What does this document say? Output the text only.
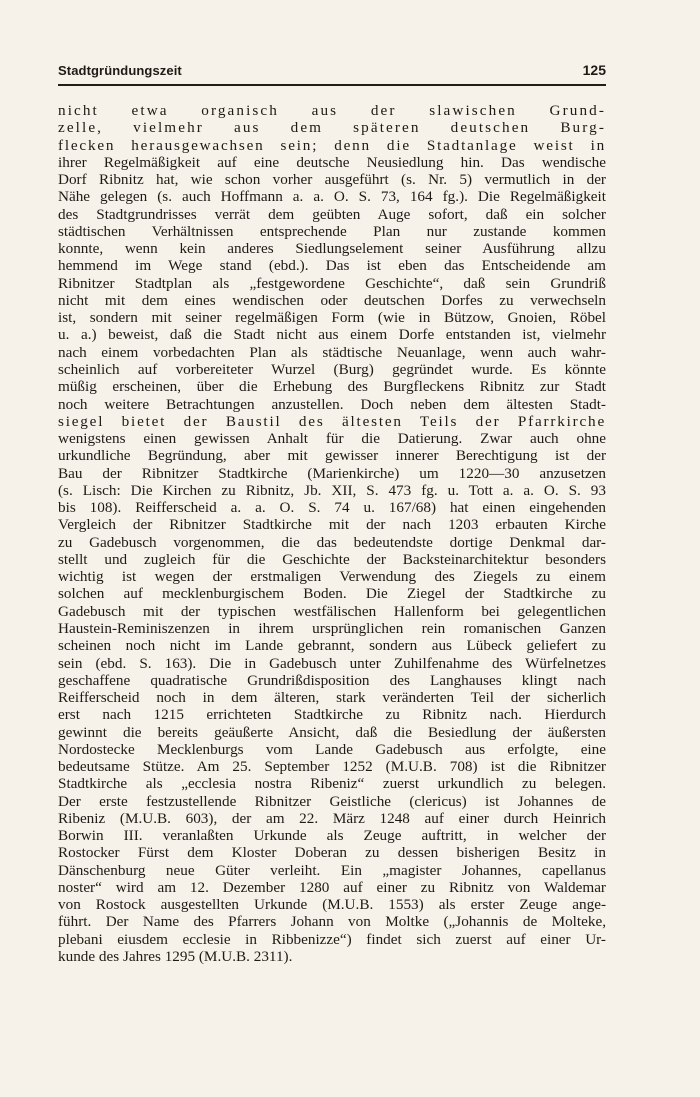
Stadtgründungszeit	125
nicht etwa organisch aus der slawischen Grund-
zelle, vielmehr aus dem späteren deutschen Burg-
flecken herausgewachsen sein; denn die Stadtanlage weist in
ihrer Regelmäßigkeit auf eine deutsche Neusiedlung hin. Das wendische
Dorf Ribnitz hat, wie schon vorher ausgeführt (s. Nr. 5) vermutlich in der
Nähe gelegen (s. auch Hoffmann a. a. O. S. 73, 164 fg.). Die Regelmäßigkeit
des Stadtgrundrisses verrät dem geübten Auge sofort, daß ein solcher
städtischen Verhältnissen entsprechende Plan nur zustande kommen
konnte, wenn kein anderes Siedlungselement seiner Ausführung allzu
hemmend im Wege stand (ebd.). Das ist eben das Entscheidende am
Ribnitzer Stadtplan als „festgewordene Geschichte“, daß sein Grundriß
nicht mit dem eines wendischen oder deutschen Dorfes zu verwechseln
ist, sondern mit seiner regelmäßigen Form (wie in Bützow, Gnoien, Röbel
u. a.) beweist, daß die Stadt nicht aus einem Dorfe entstanden ist, vielmehr
nach einem vorbedachten Plan als städtische Neuanlage, wenn auch wahr-
scheinlich auf vorbereiteter Wurzel (Burg) gegründet wurde. Es könnte
müßig erscheinen, über die Erhebung des Burgfleckens Ribnitz zur Stadt
noch weitere Betrachtungen anzustellen. Doch neben dem ältesten Stadt-
siegel bietet der Baustil des ältesten Teils der Pfarrkirche
wenigstens einen gewissen Anhalt für die Datierung. Zwar auch ohne
urkundliche Begründung, aber mit gewisser innerer Berechtigung ist der
Bau der Ribnitzer Stadtkirche (Marienkirche) um 1220—30 anzusetzen
(s. Lisch: Die Kirchen zu Ribnitz, Jb. XII, S. 473 fg. u. Tott a. a. O. S. 93
bis 108). Reifferscheid a. a. O. S. 74 u. 167/68) hat einen eingehenden
Vergleich der Ribnitzer Stadtkirche mit der nach 1203 erbauten Kirche
zu Gadebusch vorgenommen, die das bedeutendste dortige Denkmal dar-
stellt und zugleich für die Geschichte der Backsteinarchitektur besonders
wichtig ist wegen der erstmaligen Verwendung des Ziegels zu einem
solchen auf mecklenburgischem Boden. Die Ziegel der Stadtkirche zu
Gadebusch mit der typischen westfälischen Hallenform bei gelegentlichen
Haustein-Reminiszenzen in ihrem ursprünglichen rein romanischen Ganzen
scheinen noch nicht im Lande gebrannt, sondern aus Lübeck geliefert zu
sein (ebd. S. 163). Die in Gadebusch unter Zuhilfenahme des Würfelnetzes
geschaffene quadratische Grundrißdisposition des Langhauses klingt nach
Reifferscheid noch in dem älteren, stark veränderten Teil der sicherlich
erst nach 1215 errichteten Stadtkirche zu Ribnitz nach. Hierdurch
gewinnt die bereits geäußerte Ansicht, daß die Besiedlung der äußersten
Nordostecke Mecklenburgs vom Lande Gadebusch aus erfolgte, eine
bedeutsame Stütze. Am 25. September 1252 (M.U.B. 708) ist die Ribnitzer
Stadtkirche als „ecclesia nostra Ribeniz“ zuerst urkundlich zu belegen.
Der erste festzustellende Ribnitzer Geistliche (clericus) ist Johannes de
Ribeniz (M.U.B. 603), der am 22. März 1248 auf einer durch Heinrich
Borwin III. veranlaßten Urkunde als Zeuge auftritt, in welcher der
Rostocker Fürst dem Kloster Doberan zu dessen bisherigen Besitz in
Dänschenburg neue Güter verleiht. Ein „magister Johannes, capellanus
noster“ wird am 12. Dezember 1280 auf einer zu Ribnitz von Waldemar
von Rostock ausgestellten Urkunde (M.U.B. 1553) als erster Zeuge ange-
führt. Der Name des Pfarrers Johann von Moltke („Johannis de Molteke,
plebani eiusdem ecclesie in Ribbenizze“) findet sich zuerst auf einer Ur-
kunde des Jahres 1295 (M.U.B. 2311).
